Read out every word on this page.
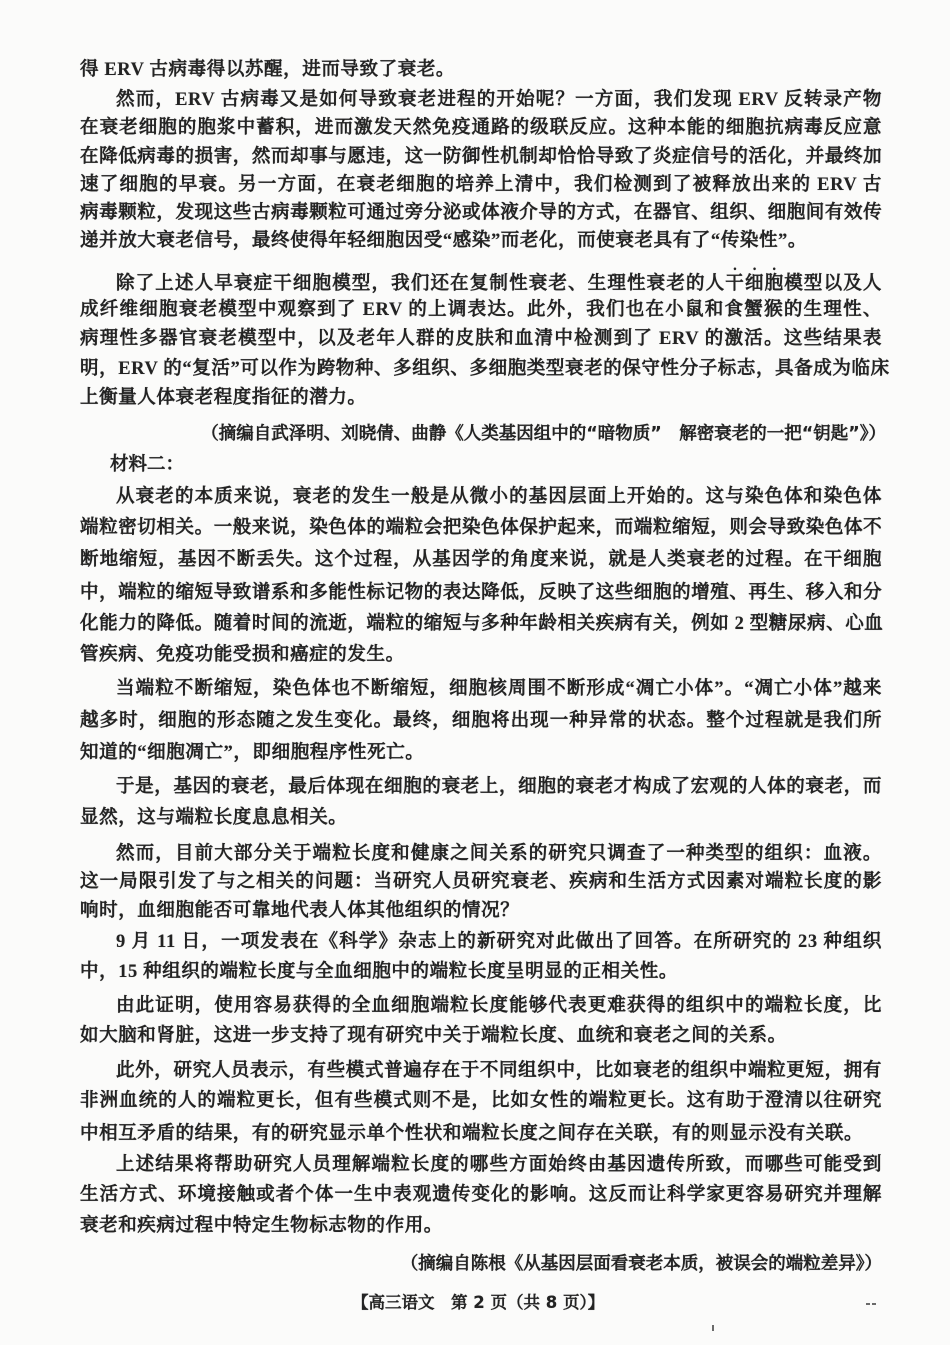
得 ERV 古病毒得以苏醒，进而导致了衰老。
然而，ERV 古病毒又是如何导致衰老进程的开始呢？一方面，我们发现 ERV 反转录产物
在衰老细胞的胞浆中蓄积，进而激发天然免疫通路的级联反应。这种本能的细胞抗病毒反应意
在降低病毒的损害，然而却事与愿违，这一防御性机制却恰恰导致了炎症信号的活化，并最终加
速了细胞的早衰。另一方面，在衰老细胞的培养上清中，我们检测到了被释放出来的 ERV 古
病毒颗粒，发现这些古病毒颗粒可通过旁分泌或体液介导的方式，在器官、组织、细胞间有效传
递并放大衰老信号，最终使得年轻细胞因受“感染”而老化，而使衰老具有了“传染性”。
除了上述人早衰症干细胞模型，我们还在复制性衰老、生理性衰老的人干细胞模型以及人
成纤维细胞衰老模型中观察到了 ERV 的上调表达。此外，我们也在小鼠和食蟹猴的生理性、
病理性多器官衰老模型中，以及老年人群的皮肤和血清中检测到了 ERV 的激活。这些结果表
明，ERV 的“复活”可以作为跨物种、多组织、多细胞类型衰老的保守性分子标志，具备成为临床
上衡量人体衰老程度指征的潜力。
（摘编自武泽明、刘晓倩、曲静《人类基因组中的“暗物质”　解密衰老的一把“钥匙”》）
材料二：
从衰老的本质来说，衰老的发生一般是从微小的基因层面上开始的。这与染色体和染色体
端粒密切相关。一般来说，染色体的端粒会把染色体保护起来，而端粒缩短，则会导致染色体不
断地缩短，基因不断丢失。这个过程，从基因学的角度来说，就是人类衰老的过程。在干细胞
中，端粒的缩短导致谱系和多能性标记物的表达降低，反映了这些细胞的增殖、再生、移入和分
化能力的降低。随着时间的流逝，端粒的缩短与多种年龄相关疾病有关，例如 2 型糖尿病、心血
管疾病、免疫功能受损和癌症的发生。
当端粒不断缩短，染色体也不断缩短，细胞核周围不断形成“凋亡小体”。“凋亡小体”越来
越多时，细胞的形态随之发生变化。最终，细胞将出现一种异常的状态。整个过程就是我们所
知道的“细胞凋亡”，即细胞程序性死亡。
于是，基因的衰老，最后体现在细胞的衰老上，细胞的衰老才构成了宏观的人体的衰老，而
显然，这与端粒长度息息相关。
然而，目前大部分关于端粒长度和健康之间关系的研究只调查了一种类型的组织：血液。
这一局限引发了与之相关的问题：当研究人员研究衰老、疾病和生活方式因素对端粒长度的影
响时，血细胞能否可靠地代表人体其他组织的情况？
9 月 11 日，一项发表在《科学》杂志上的新研究对此做出了回答。在所研究的 23 种组织
中，15 种组织的端粒长度与全血细胞中的端粒长度呈明显的正相关性。
由此证明，使用容易获得的全血细胞端粒长度能够代表更难获得的组织中的端粒长度，比
如大脑和肾脏，这进一步支持了现有研究中关于端粒长度、血统和衰老之间的关系。
此外，研究人员表示，有些模式普遍存在于不同组织中，比如衰老的组织中端粒更短，拥有
非洲血统的人的端粒更长，但有些模式则不是，比如女性的端粒更长。这有助于澄清以往研究
中相互矛盾的结果，有的研究显示单个性状和端粒长度之间存在关联，有的则显示没有关联。
上述结果将帮助研究人员理解端粒长度的哪些方面始终由基因遗传所致，而哪些可能受到
生活方式、环境接触或者个体一生中表观遗传变化的影响。这反而让科学家更容易研究并理解
衰老和疾病过程中特定生物标志物的作用。
（摘编自陈根《从基因层面看衰老本质，被误会的端粒差异》）
【高三语文　第 2 页（共 8 页）】
